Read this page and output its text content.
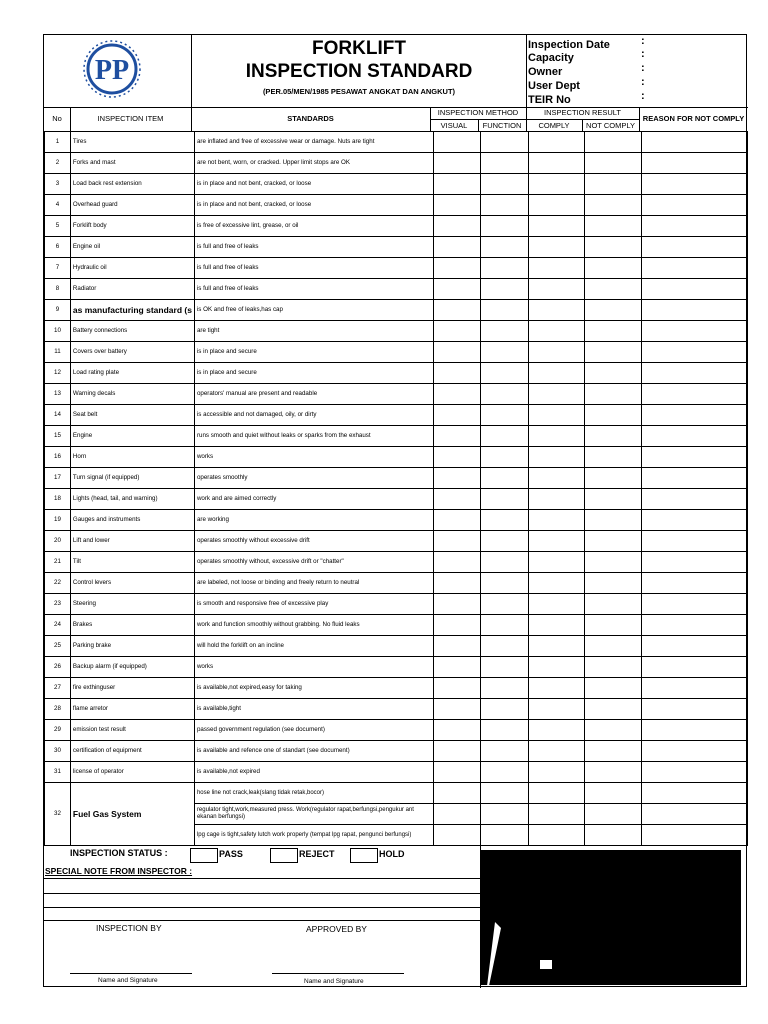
PP
FORKLIFT
INSPECTION STANDARD
(PER.05/MEN/1985 PESAWAT ANGKAT DAN ANGKUT)
Inspection Date	:
Capacity	:
Owner	:
User Dept	:
TEIR No	:
No	INSPECTION ITEM	STANDARDS
INSPECTION METHOD	INSPECTION RESULT
VISUAL	FUNCTION	COMPLY	NOT COMPLY
REASON FOR NOT COMPLY
1	Tires	are inflated and free of excessive wear or damage. Nuts are tight					
2	Forks and mast	are not bent, worn, or cracked. Upper limit stops are OK					
3	Load back rest extension	is in place and not bent, cracked, or loose					
4	Overhead guard	is in place and not bent, cracked, or loose					
5	Forklift body	is free of excessive lint, grease, or oil					
6	Engine oil	is full and free of leaks					
7	Hydraulic oil	is full and free of leaks					
8	Radiator	is full and free of leaks					
9	as manufacturing standard (s	is OK and free of leaks,has cap					
10	Battery connections	are tight					
11	Covers over battery	is in place and secure					
12	Load rating plate	is in place and secure					
13	Warning decals	operators' manual are present and readable					
14	Seat belt	is accessible and not damaged, oily, or dirty					
15	Engine	runs smooth and quiet without leaks or sparks from the exhaust					
16	Horn	works					
17	Turn signal (if equipped)	operates smoothly					
18	Lights (head, tail, and warning)	work and are aimed correctly					
19	Gauges and instruments	are working					
20	Lift and lower	operates smoothly without excessive drift					
21	Tilt	operates smoothly without, excessive drift or "chatter"					
22	Control levers	are labeled, not loose or binding and freely return to neutral					
23	Steering	is smooth and responsive free of excessive play					
24	Brakes	work and function smoothly without grabbing. No fluid leaks					
25	Parking brake	will hold the forklift on an incline					
26	Backup alarm (if equipped)	works					
27	fire exthinguser	is available,not expired,easy for taking					
28	flame arretor	is available,tight					
29	emission test result	passed government regulation (see document)					
30	certification of equipment	is available and refence one of standart (see document)					
31	license of operator	is available,not expired					
32	Fuel Gas System	hose line not crack,leak(slang tidak retak,bocor)					
		regulator tight,work,measured press. Work(regulator rapat,berfungsi,pengukur ant ekanan berfungsi)					
		lpg cage is tight,safety lutch work properly (tempat lpg rapat, pengunci berfungsi)					
INSPECTION STATUS :	PASS	REJECT	HOLD
SPECIAL NOTE FROM INSPECTOR :
INSPECTION BY	APPROVED BY
Name and Signature	Name and Signature
